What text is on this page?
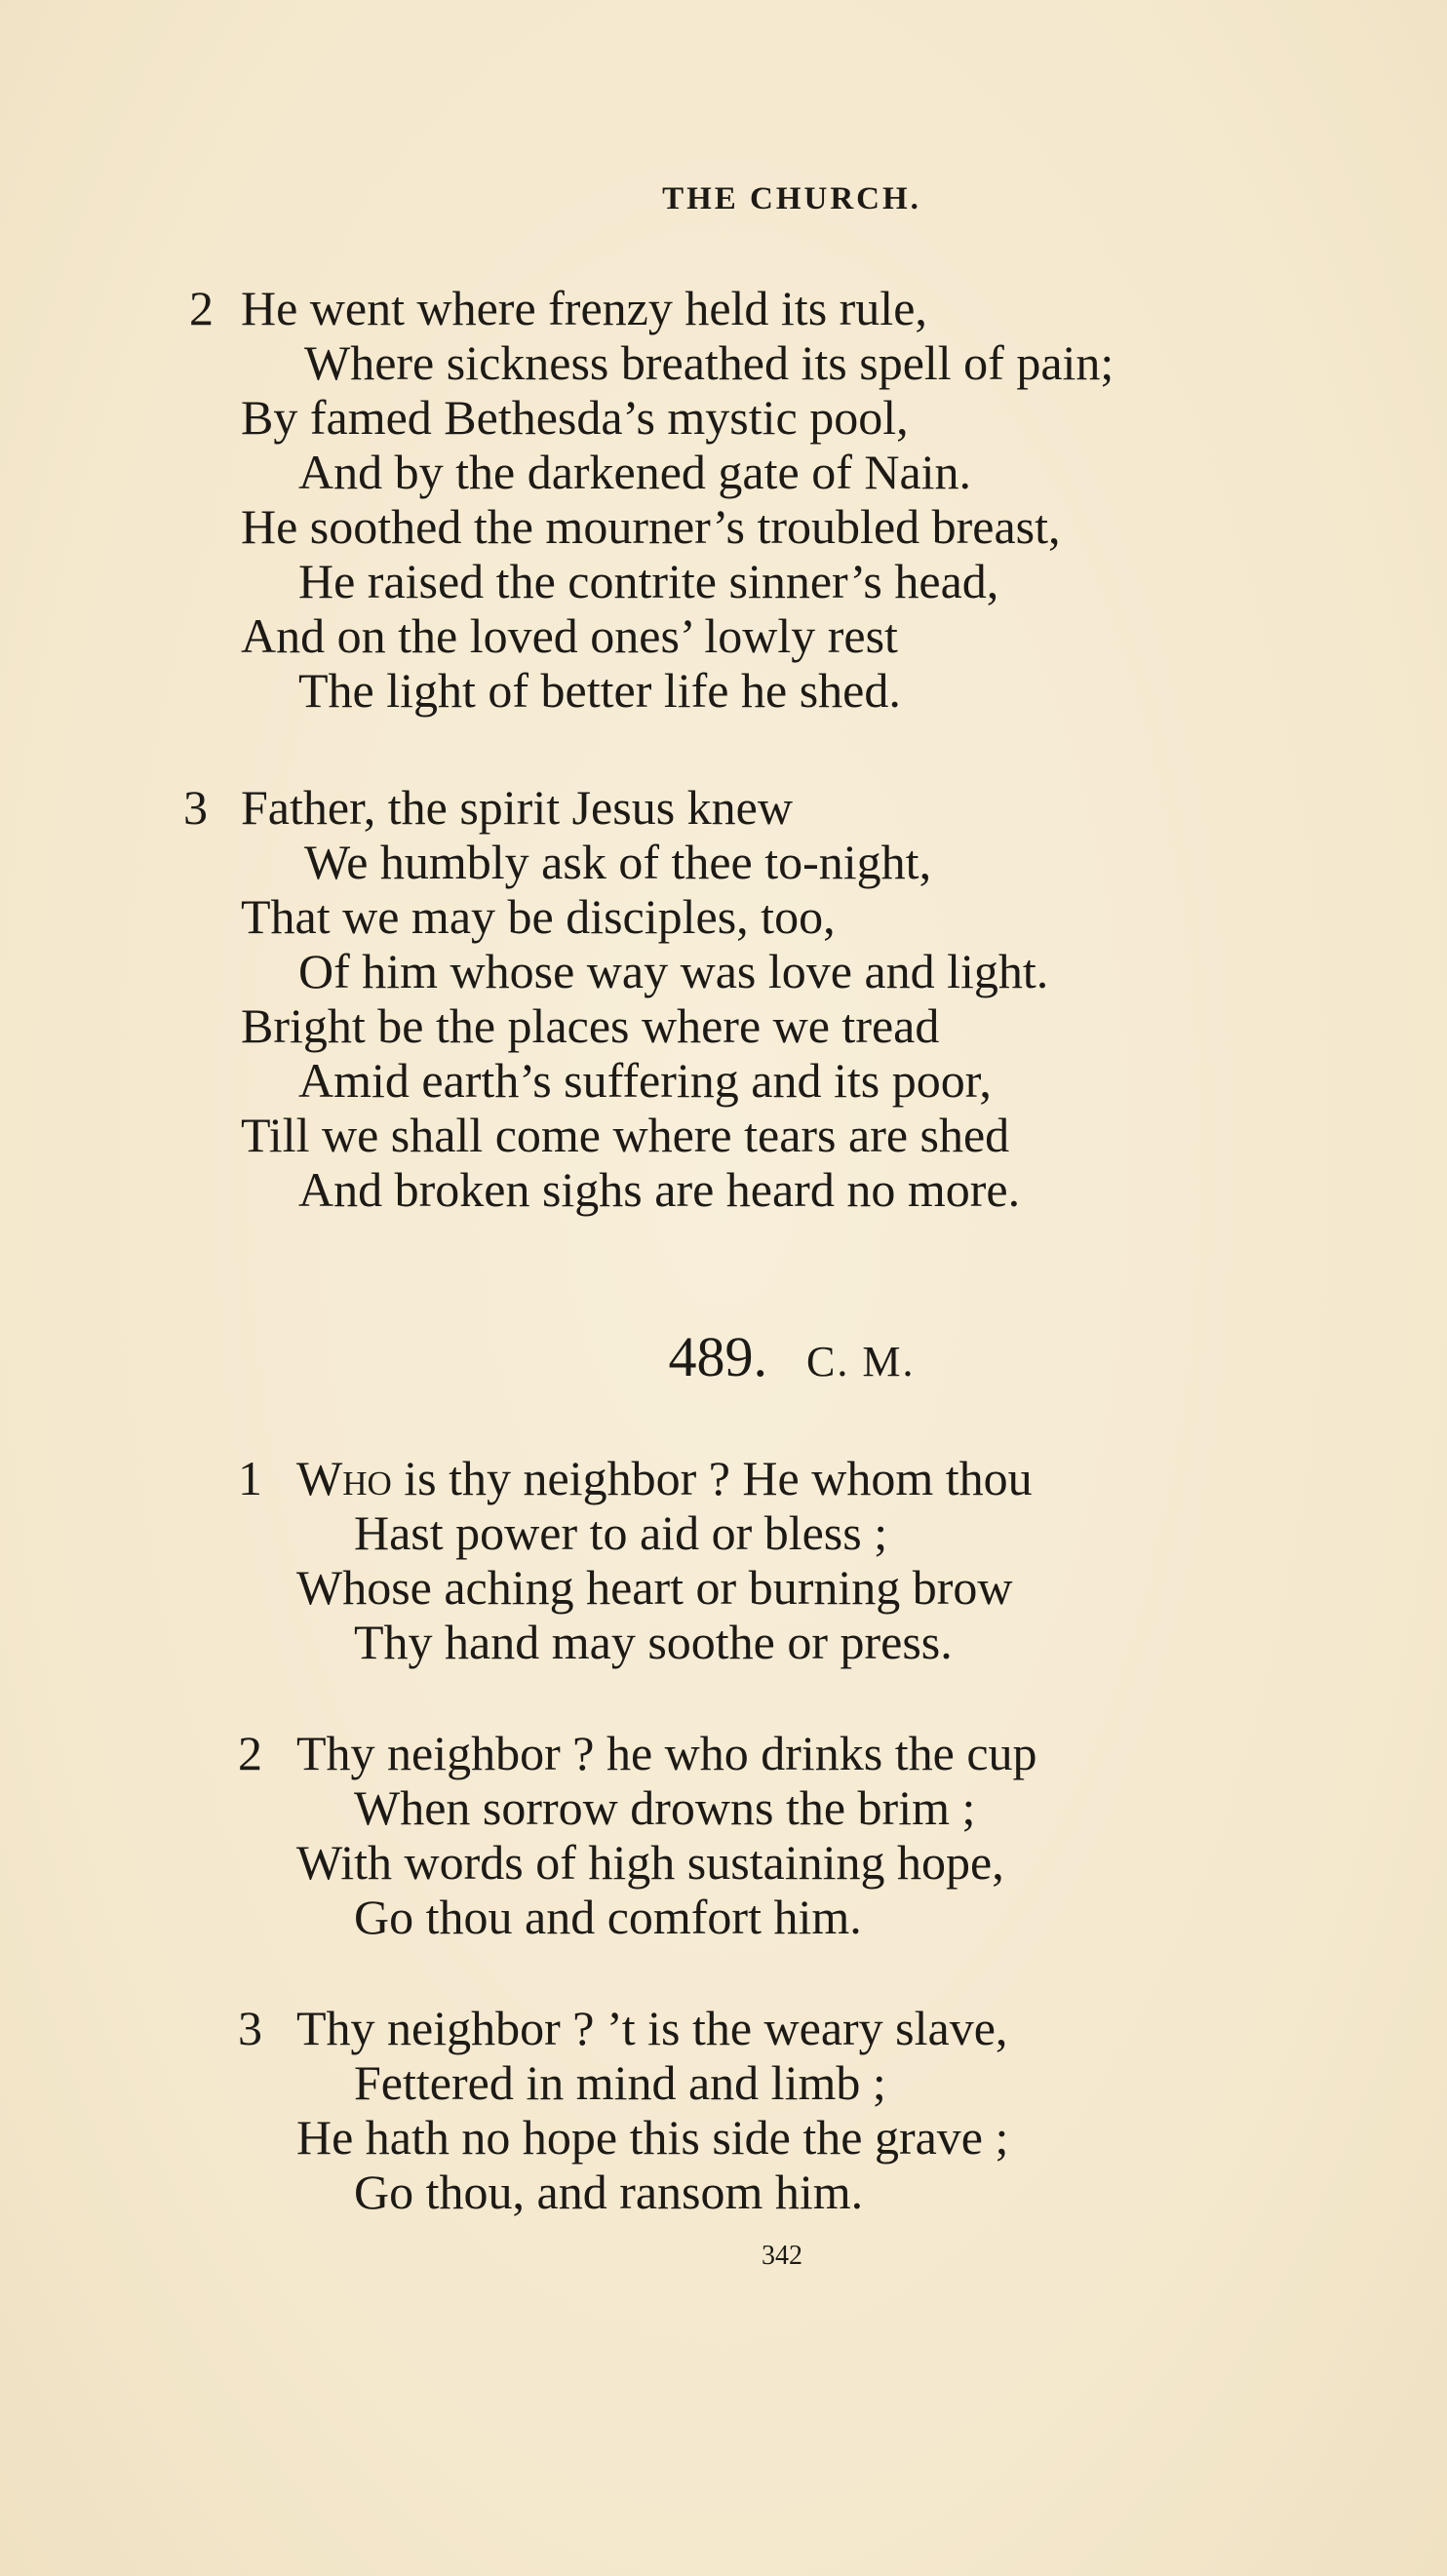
THE CHURCH.
2 He went where frenzy held its rule,
Where sickness breathed its spell of pain;
By famed Bethesda’s mystic pool,
And by the darkened gate of Nain.
He soothed the mourner’s troubled breast,
He raised the contrite sinner’s head,
And on the loved ones’ lowly rest
The light of better life he shed.
3 Father, the spirit Jesus knew
We humbly ask of thee to-night,
That we may be disciples, too,
Of him whose way was love and light.
Bright be the places where we tread
Amid earth’s suffering and its poor,
Till we shall come where tears are shed
And broken sighs are heard no more.
489. C. M.
1 Who is thy neighbor ? He whom thou
Hast power to aid or bless ;
Whose aching heart or burning brow
Thy hand may soothe or press.
2 Thy neighbor ? he who drinks the cup
When sorrow drowns the brim ;
With words of high sustaining hope,
Go thou and comfort him.
3 Thy neighbor ? ’t is the weary slave,
Fettered in mind and limb ;
He hath no hope this side the grave ;
Go thou, and ransom him.
342
